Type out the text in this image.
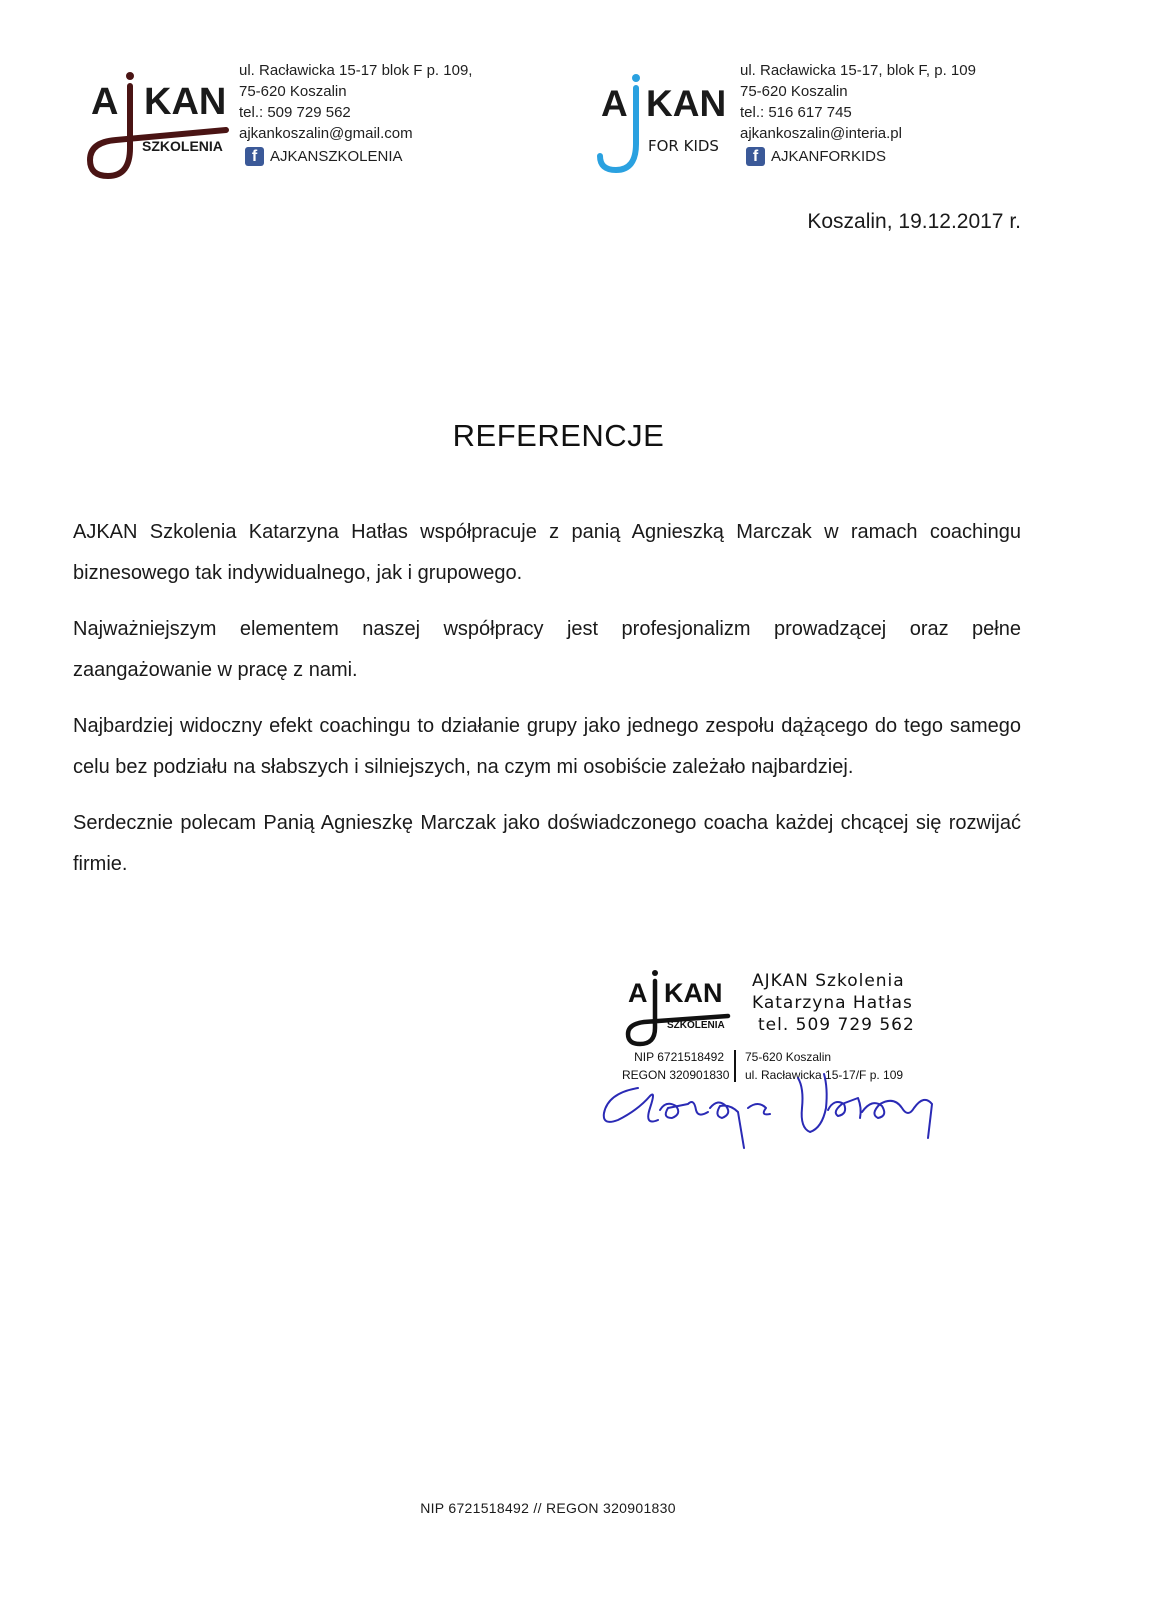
A KAN
SZKOLENIA
ul. Racławicka 15-17 blok F p. 109,
75-620 Koszalin
tel.: 509 729 562
ajkankoszalin@gmail.com
f AJKANSZKOLENIA
A KAN
FOR KIDS
ul. Racławicka 15-17, blok F, p. 109
75-620 Koszalin
tel.: 516 617 745
ajkankoszalin@interia.pl
f AJKANFORKIDS
Koszalin, 19.12.2017 r.
REFERENCJE

AJKAN Szkolenia Katarzyna Hatłas współpracuje z panią Agnieszką Marczak w ramach coachingu biznesowego tak indywidualnego, jak i grupowego.

Najważniejszym elementem naszej współpracy jest profesjonalizm prowadzącej oraz pełne zaangażowanie w pracę z nami.

Najbardziej widoczny efekt coachingu to działanie grupy jako jednego zespołu dążącego do tego samego celu bez podziału na słabszych i silniejszych, na czym mi osobiście zależało najbardziej.

Serdecznie polecam Panią Agnieszkę Marczak jako doświadczonego coacha każdej chcącej się rozwijać firmie.

A KAN
SZKOLENIA
AJKAN Szkolenia
Katarzyna Hatłas
tel. 509 729 562
NIP 6721518492
REGON 320901830
75-620 Koszalin
ul. Racławicka 15-17/F p. 109
NIP 6721518492 // REGON 320901830
